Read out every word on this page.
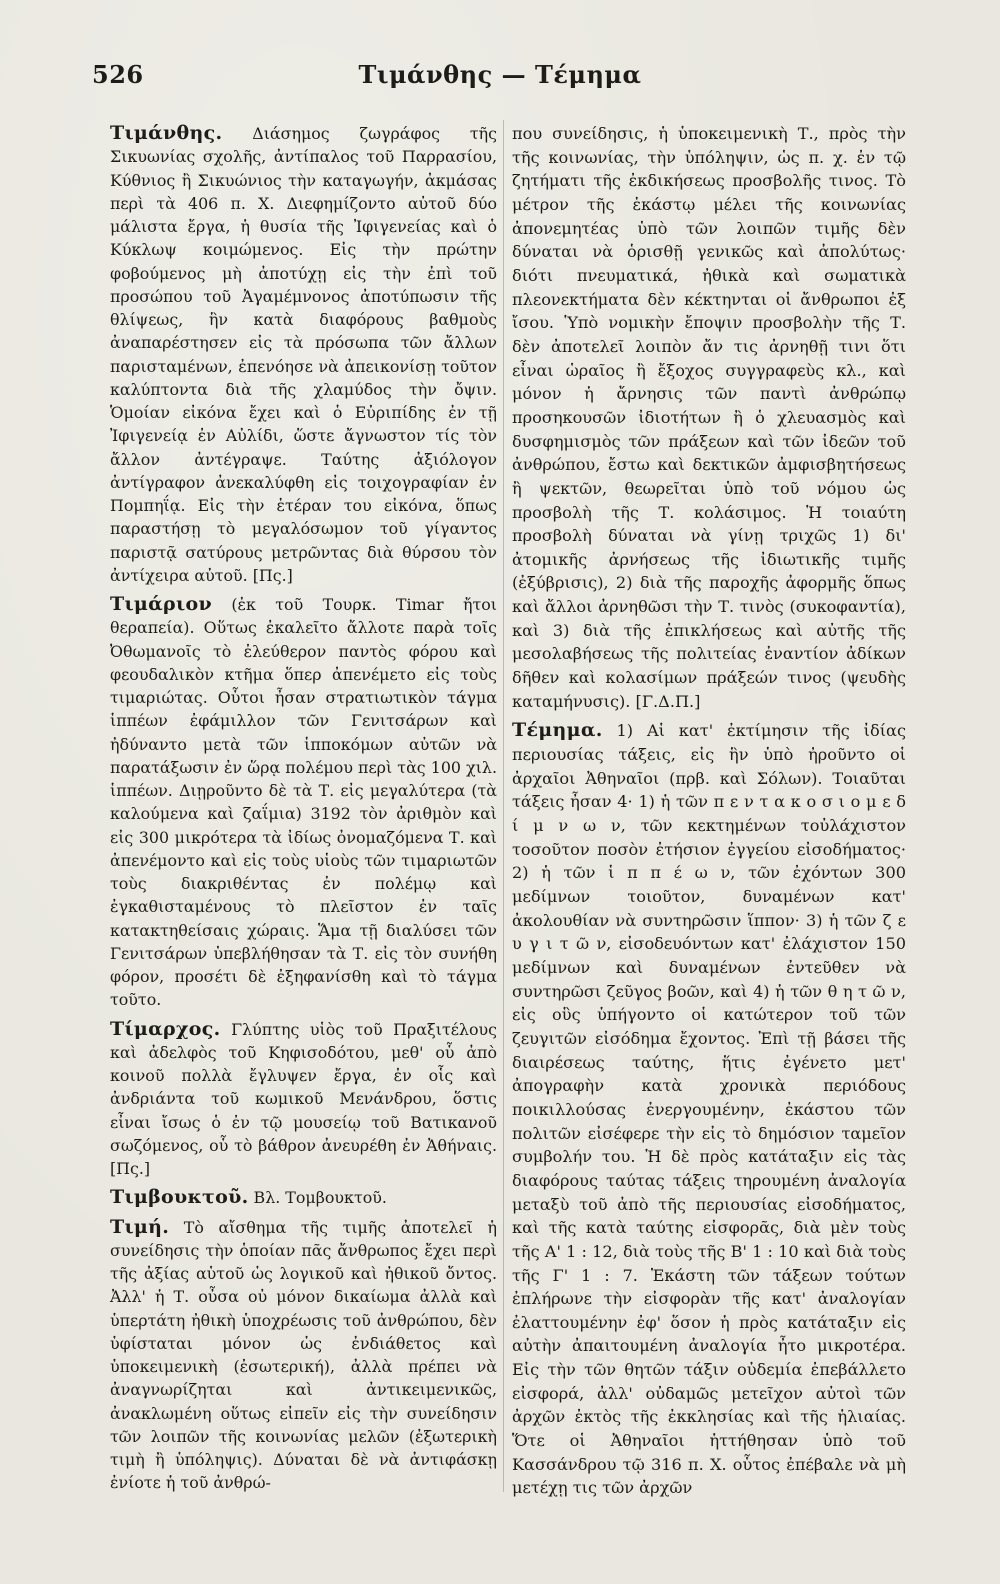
526	Τιμάνθης — Τέμημα

Τιμάνθης. Διάσημος ζωγράφος τῆς Σικυωνίας σχολῆς, ἀντίπαλος τοῦ Παρρασίου, Κύθνιος ἢ Σικυώνιος τὴν καταγωγήν, ἀκμάσας περὶ τὰ 406 π. Χ. Διεφημίζοντο αὐτοῦ δύο μάλιστα ἔργα, ἡ θυσία τῆς Ἰφιγενείας καὶ ὁ Κύκλωψ κοιμώμενος. Εἰς τὴν πρώτην φοβούμενος μὴ ἀποτύχῃ εἰς τὴν ἐπὶ τοῦ προσώπου τοῦ Ἀγαμέμνονος ἀποτύπωσιν τῆς θλίψεως, ἣν κατὰ διαφόρους βαθμοὺς ἀναπαρέστησεν εἰς τὰ πρόσωπα τῶν ἄλλων παρισταμένων, ἐπενόησε νὰ ἀπεικονίσῃ τοῦτον καλύπτοντα διὰ τῆς χλαμύδος τὴν ὄψιν. Ὁμοίαν εἰκόνα ἔχει καὶ ὁ Εὐριπίδης ἐν τῇ Ἰφιγενείᾳ ἐν Αὐλίδι, ὥστε ἄγνωστον τίς τὸν ἄλλον ἀντέγραψε. Ταύτης ἀξιόλογον ἀντίγραφον ἀνεκαλύφθη εἰς τοιχογραφίαν ἐν Πομπηΐᾳ. Εἰς τὴν ἑτέραν του εἰκόνα, ὅπως παραστήσῃ τὸ μεγαλόσωμον τοῦ γίγαντος παριστᾷ σατύρους μετρῶντας διὰ θύρσου τὸν ἀντίχειρα αὐτοῦ. [Πς.]

Τιμάριον (ἐκ τοῦ Τουρκ. Timar ἤτοι θεραπεία). Οὕτως ἐκαλεῖτο ἄλλοτε παρὰ τοῖς Ὀθωμανοῖς τὸ ἐλεύθερον παντὸς φόρου καὶ φεουδαλικὸν κτῆμα ὅπερ ἀπενέμετο εἰς τοὺς τιμαριώτας. Οὗτοι ἦσαν στρατιωτικὸν τάγμα ἱππέων ἐφάμιλλον τῶν Γενιτσάρων καὶ ἠδύναντο μετὰ τῶν ἱπποκόμων αὐτῶν νὰ παρατάξωσιν ἐν ὥρᾳ πολέμου περὶ τὰς 100 χιλ. ἱππέων. Διῃροῦντο δὲ τὰ Τ. εἰς μεγαλύτερα (τὰ καλούμενα καὶ ζαΐμια) 3192 τὸν ἀριθμὸν καὶ εἰς 300 μικρότερα τὰ ἰδίως ὀνομαζόμενα Τ. καὶ ἀπενέμοντο καὶ εἰς τοὺς υἱοὺς τῶν τιμαριωτῶν τοὺς διακριθέντας ἐν πολέμῳ καὶ ἐγκαθισταμένους τὸ πλεῖστον ἐν ταῖς κατακτηθείσαις χώραις. Ἅμα τῇ διαλύσει τῶν Γενιτσάρων ὑπεβλήθησαν τὰ Τ. εἰς τὸν συνήθη φόρον, προσέτι δὲ ἐξηφανίσθη καὶ τὸ τάγμα τοῦτο.

Τίμαρχος. Γλύπτης υἱὸς τοῦ Πραξιτέλους καὶ ἀδελφὸς τοῦ Κηφισοδότου, μεθ' οὗ ἀπὸ κοινοῦ πολλὰ ἔγλυψεν ἔργα, ἐν οἷς καὶ ἀνδριάντα τοῦ κωμικοῦ Μενάνδρου, ὅστις εἶναι ἴσως ὁ ἐν τῷ μουσείῳ τοῦ Βατικανοῦ σωζόμενος, οὗ τὸ βάθρον ἀνευρέθη ἐν Ἀθήναις. [Πς.]

Τιμβουκτοῦ. Βλ. Τομβουκτοῦ.

Τιμή. Τὸ αἴσθημα τῆς τιμῆς ἀποτελεῖ ἡ συνείδησις τὴν ὁποίαν πᾶς ἄνθρωπος ἔχει περὶ τῆς ἀξίας αὑτοῦ ὡς λογικοῦ καὶ ἠθικοῦ ὄντος. Ἀλλ' ἡ Τ. οὖσα οὐ μόνον δικαίωμα ἀλλὰ καὶ ὑπερτάτη ἠθικὴ ὑποχρέωσις τοῦ ἀνθρώπου, δὲν ὑφίσταται μόνον ὡς ἐνδιάθετος καὶ ὑποκειμενικὴ (ἐσωτερική), ἀλλὰ πρέπει νὰ ἀναγνωρίζηται καὶ ἀντικειμενικῶς, ἀνακλωμένη οὕτως εἰπεῖν εἰς τὴν συνείδησιν τῶν λοιπῶν τῆς κοινωνίας μελῶν (ἐξωτερικὴ τιμὴ ἢ ὑπόληψις). Δύναται δὲ νὰ ἀντιφάσκῃ ἐνίοτε ἡ τοῦ ἀνθρώ-

που συνείδησις, ἡ ὑποκειμενικὴ Τ., πρὸς τὴν τῆς κοινωνίας, τὴν ὑπόληψιν, ὡς π. χ. ἐν τῷ ζητήματι τῆς ἐκδικήσεως προσβολῆς τινος. Τὸ μέτρον τῆς ἑκάστῳ μέλει τῆς κοινωνίας ἀπονεμητέας ὑπὸ τῶν λοιπῶν τιμῆς δὲν δύναται νὰ ὁρισθῇ γενικῶς καὶ ἀπολύτως· διότι πνευματικά, ἠθικὰ καὶ σωματικὰ πλεονεκτήματα δὲν κέκτηνται οἱ ἄνθρωποι ἐξ ἴσου. Ὑπὸ νομικὴν ἔποψιν προσβολὴν τῆς Τ. δὲν ἀποτελεῖ λοιπὸν ἄν τις ἀρνηθῇ τινι ὅτι εἶναι ὡραῖος ἢ ἔξοχος συγγραφεὺς κλ., καὶ μόνον ἡ ἄρνησις τῶν παντὶ ἀνθρώπῳ προσηκουσῶν ἰδιοτήτων ἢ ὁ χλευασμὸς καὶ δυσφημισμὸς τῶν πράξεων καὶ τῶν ἰδεῶν τοῦ ἀνθρώπου, ἔστω καὶ δεκτικῶν ἀμφισβητήσεως ἢ ψεκτῶν, θεωρεῖται ὑπὸ τοῦ νόμου ὡς προσβολὴ τῆς Τ. κολάσιμος. Ἡ τοιαύτη προσβολὴ δύναται νὰ γίνῃ τριχῶς 1) δι' ἀτομικῆς ἀρνήσεως τῆς ἰδιωτικῆς τιμῆς (ἐξύβρισις), 2) διὰ τῆς παροχῆς ἀφορμῆς ὅπως καὶ ἄλλοι ἀρνηθῶσι τὴν Τ. τινὸς (συκοφαντία), καὶ 3) διὰ τῆς ἐπικλήσεως καὶ αὐτῆς τῆς μεσολαβήσεως τῆς πολιτείας ἐναντίον ἀδίκων δῆθεν καὶ κολασίμων πράξεών τινος (ψευδὴς καταμήνυσις). [Γ.Δ.Π.]

Τέμημα. 1) Αἱ κατ' ἐκτίμησιν τῆς ἰδίας περιουσίας τάξεις, εἰς ἣν ὑπὸ ἠροῦντο οἱ ἀρχαῖοι Ἀθηναῖοι (πρβ. καὶ Σόλων). Τοιαῦται τάξεις ἦσαν 4· 1) ἡ τῶν π ε ν τ α κ ο σ ι ο μ ε δ ί μ ν ω ν, τῶν κεκτημένων τοὐλάχιστον τοσοῦτον ποσὸν ἐτήσιον ἐγγείου εἰσοδήματος· 2) ἡ τῶν ἱ π π έ ω ν, τῶν ἐχόντων 300 μεδίμνων τοιοῦτον, δυναμένων κατ' ἀκολουθίαν νὰ συντηρῶσιν ἵππον· 3) ἡ τῶν ζ ε υ γ ι τ ῶ ν, εἰσοδευόντων κατ' ἐλάχιστον 150 μεδίμνων καὶ δυναμένων ἐντεῦθεν νὰ συντηρῶσι ζεῦγος βοῶν, καὶ 4) ἡ τῶν θ η τ ῶ ν, εἰς οὓς ὑπήγοντο οἱ κατώτερον τοῦ τῶν ζευγιτῶν εἰσόδημα ἔχοντος. Ἐπὶ τῇ βάσει τῆς διαιρέσεως ταύτης, ἥτις ἐγένετο μετ' ἀπογραφὴν κατὰ χρονικὰ περιόδους ποικιλλούσας ἐνεργουμένην, ἐκάστου τῶν πολιτῶν εἰσέφερε τὴν εἰς τὸ δημόσιον ταμεῖον συμβολήν του. Ἡ δὲ πρὸς κατάταξιν εἰς τὰς διαφόρους ταύτας τάξεις τηρουμένη ἀναλογία μεταξὺ τοῦ ἀπὸ τῆς περιουσίας εἰσοδήματος, καὶ τῆς κατὰ ταύτης εἰσφορᾶς, διὰ μὲν τοὺς τῆς Α' 1 : 12, διὰ τοὺς τῆς Β' 1 : 10 καὶ διὰ τοὺς τῆς Γ' 1 : 7. Ἑκάστη τῶν τάξεων τούτων ἐπλήρωνε τὴν εἰσφορὰν τῆς κατ' ἀναλογίαν ἐλαττουμένην ἐφ' ὅσον ἡ πρὸς κατάταξιν εἰς αὐτὴν ἀπαιτουμένη ἀναλογία ἦτο μικροτέρα. Εἰς τὴν τῶν θητῶν τάξιν οὐδεμία ἐπεβάλλετο εἰσφορά, ἀλλ' οὐδαμῶς μετεῖχον αὐτοὶ τῶν ἀρχῶν ἐκτὸς τῆς ἐκκλησίας καὶ τῆς ἡλιαίας. Ὅτε οἱ Ἀθηναῖοι ἡττήθησαν ὑπὸ τοῦ Κασσάνδρου τῷ 316 π. Χ. οὗτος ἐπέβαλε νὰ μὴ μετέχῃ τις τῶν ἀρχῶν
